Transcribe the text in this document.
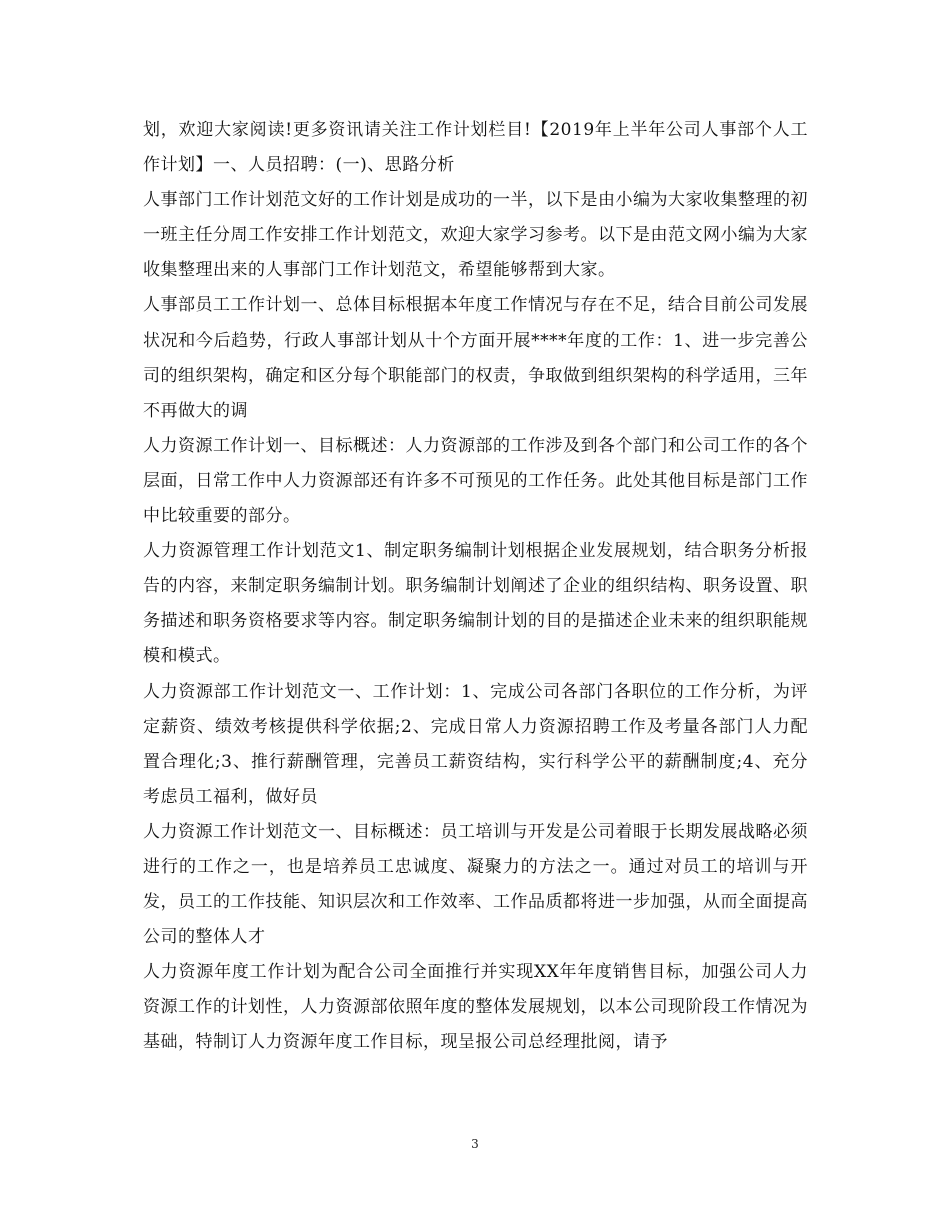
划，欢迎大家阅读!更多资讯请关注工作计划栏目!【2019年上半年公司人事部个人工作计划】一、人员招聘：(一)、思路分析

人事部门工作计划范文好的工作计划是成功的一半，以下是由小编为大家收集整理的初一班主任分周工作安排工作计划范文，欢迎大家学习参考。以下是由范文网小编为大家收集整理出来的人事部门工作计划范文，希望能够帮到大家。

人事部员工工作计划一、总体目标根据本年度工作情况与存在不足，结合目前公司发展状况和今后趋势，行政人事部计划从十个方面开展****年度的工作：1、进一步完善公司的组织架构，确定和区分每个职能部门的权责，争取做到组织架构的科学适用，三年不再做大的调

人力资源工作计划一、目标概述：人力资源部的工作涉及到各个部门和公司工作的各个层面，日常工作中人力资源部还有许多不可预见的工作任务。此处其他目标是部门工作中比较重要的部分。

人力资源管理工作计划范文1、制定职务编制计划根据企业发展规划，结合职务分析报告的内容，来制定职务编制计划。职务编制计划阐述了企业的组织结构、职务设置、职务描述和职务资格要求等内容。制定职务编制计划的目的是描述企业未来的组织职能规模和模式。

人力资源部工作计划范文一、工作计划：1、完成公司各部门各职位的工作分析，为评定薪资、绩效考核提供科学依据;2、完成日常人力资源招聘工作及考量各部门人力配置合理化;3、推行薪酬管理，完善员工薪资结构，实行科学公平的薪酬制度;4、充分考虑员工福利，做好员

人力资源工作计划范文一、目标概述：员工培训与开发是公司着眼于长期发展战略必须进行的工作之一，也是培养员工忠诚度、凝聚力的方法之一。通过对员工的培训与开发，员工的工作技能、知识层次和工作效率、工作品质都将进一步加强，从而全面提高公司的整体人才

人力资源年度工作计划为配合公司全面推行并实现XX年年度销售目标，加强公司人力资源工作的计划性，人力资源部依照年度的整体发展规划，以本公司现阶段工作情况为基础，特制订人力资源年度工作目标，现呈报公司总经理批阅，请予

3
